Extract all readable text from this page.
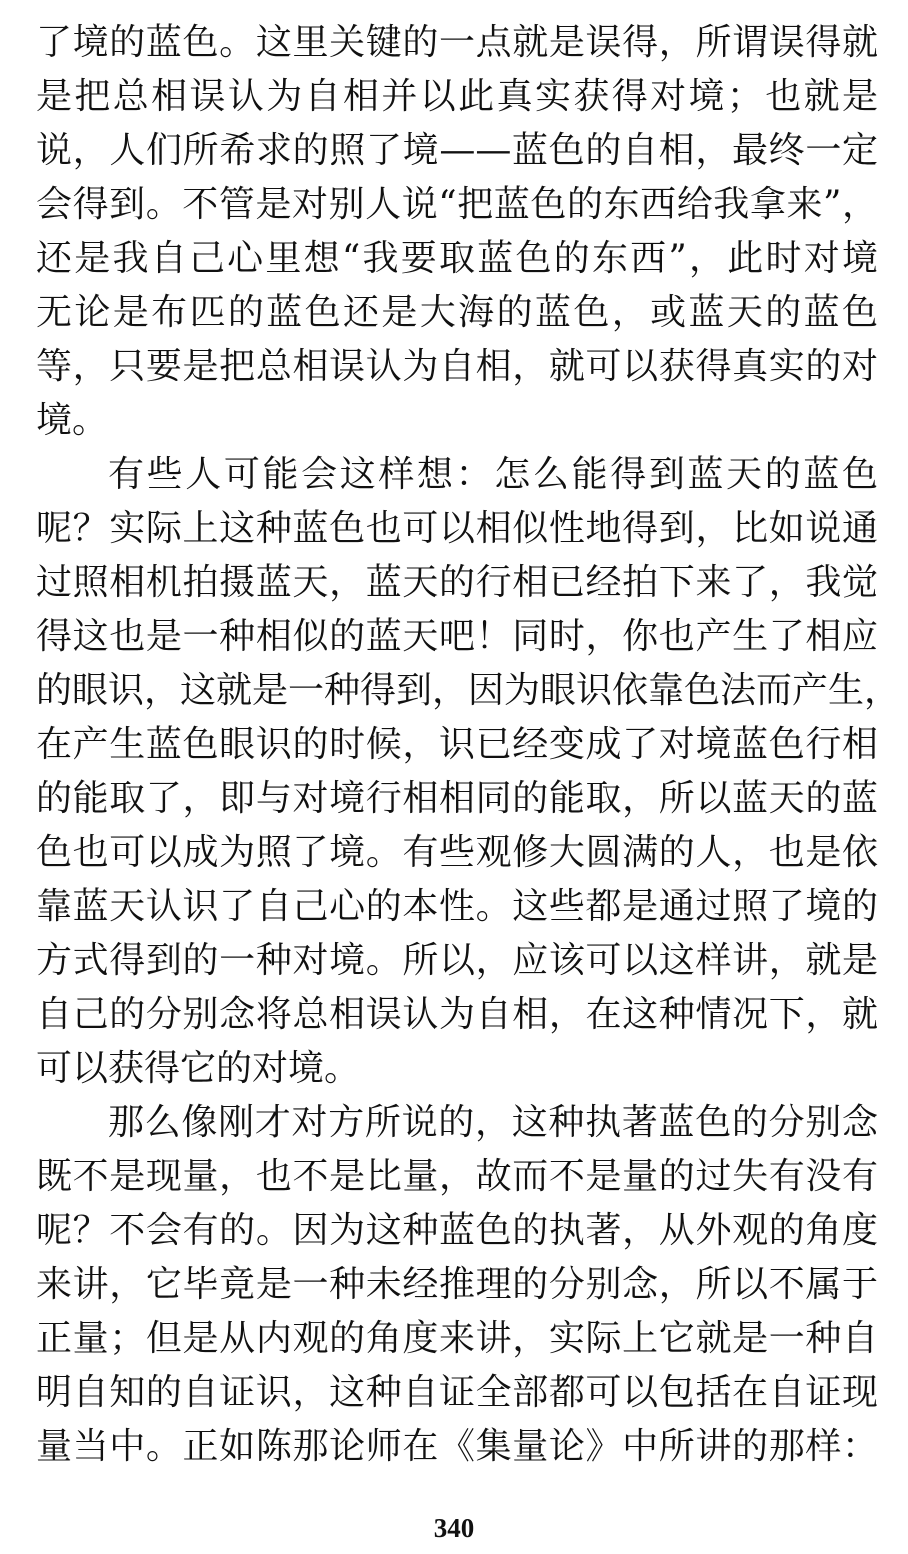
了境的蓝色。这里关键的一点就是误得，所谓误得就
是把总相误认为自相并以此真实获得对境；也就是
说，人们所希求的照了境——蓝色的自相，最终一定
会得到。不管是对别人说“把蓝色的东西给我拿来”，
还是我自己心里想“我要取蓝色的东西”，此时对境
无论是布匹的蓝色还是大海的蓝色，或蓝天的蓝色
等，只要是把总相误认为自相，就可以获得真实的对
境。
有些人可能会这样想：怎么能得到蓝天的蓝色
呢？实际上这种蓝色也可以相似性地得到，比如说通
过照相机拍摄蓝天，蓝天的行相已经拍下来了，我觉
得这也是一种相似的蓝天吧！同时，你也产生了相应
的眼识，这就是一种得到，因为眼识依靠色法而产生，
在产生蓝色眼识的时候，识已经变成了对境蓝色行相
的能取了，即与对境行相相同的能取，所以蓝天的蓝
色也可以成为照了境。有些观修大圆满的人，也是依
靠蓝天认识了自己心的本性。这些都是通过照了境的
方式得到的一种对境。所以，应该可以这样讲，就是
自己的分别念将总相误认为自相，在这种情况下，就
可以获得它的对境。
那么像刚才对方所说的，这种执著蓝色的分别念
既不是现量，也不是比量，故而不是量的过失有没有
呢？不会有的。因为这种蓝色的执著，从外观的角度
来讲，它毕竟是一种未经推理的分别念，所以不属于
正量；但是从内观的角度来讲，实际上它就是一种自
明自知的自证识，这种自证全部都可以包括在自证现
量当中。正如陈那论师在《集量论》中所讲的那样：
340
